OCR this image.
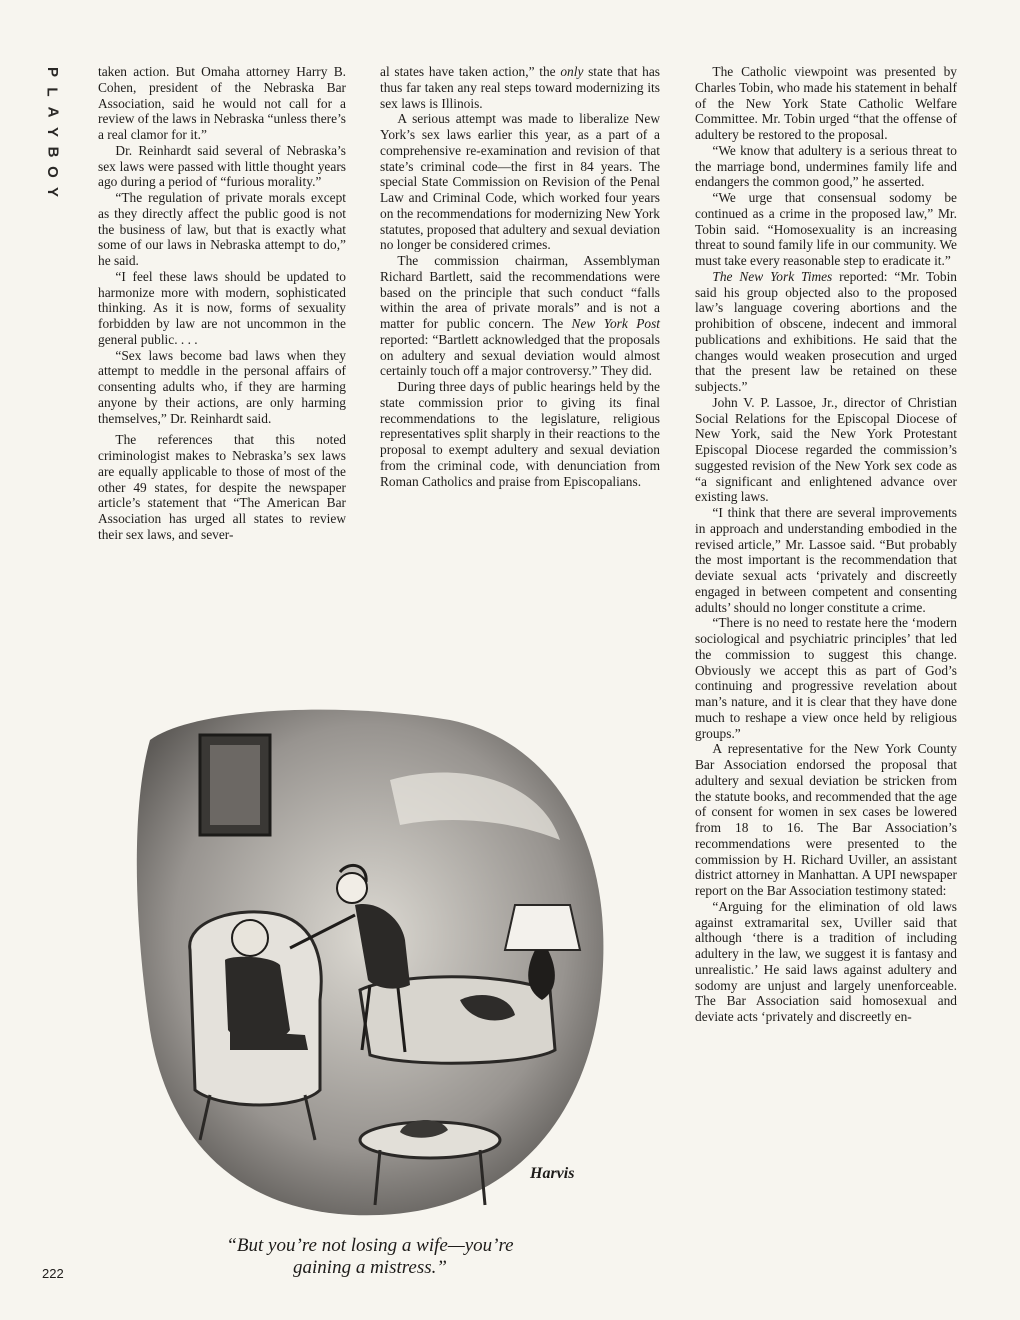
P
L
A
Y
B
O
Y

taken action. But Omaha attorney Harry B. Cohen, president of the Nebraska Bar Association, said he would not call for a review of the laws in Nebraska “unless there’s a real clamor for it.”

Dr. Reinhardt said several of Nebraska’s sex laws were passed with little thought years ago during a period of “furious morality.”

“The regulation of private morals except as they directly affect the public good is not the business of law, but that is exactly what some of our laws in Nebraska attempt to do,” he said.

“I feel these laws should be updated to harmonize more with modern, sophisticated thinking. As it is now, forms of sexuality forbidden by law are not uncommon in the general public. . . .

“Sex laws become bad laws when they attempt to meddle in the personal affairs of consenting adults who, if they are harming anyone by their actions, are only harming themselves,” Dr. Reinhardt said.

The references that this noted criminologist makes to Nebraska’s sex laws are equally applicable to those of most of the other 49 states, for despite the newspaper article’s statement that “The American Bar Association has urged all states to review their sex laws, and sever-

al states have taken action,” the only state that has thus far taken any real steps toward modernizing its sex laws is Illinois.

A serious attempt was made to liberalize New York’s sex laws earlier this year, as a part of a comprehensive re-examination and revision of that state’s criminal code—the first in 84 years. The special State Commission on Revision of the Penal Law and Criminal Code, which worked four years on the recommendations for modernizing New York statutes, proposed that adultery and sexual deviation no longer be considered crimes.

The commission chairman, Assemblyman Richard Bartlett, said the recommendations were based on the principle that such conduct “falls within the area of private morals” and is not a matter for public concern. The New York Post reported: “Bartlett acknowledged that the proposals on adultery and sexual deviation would almost certainly touch off a major controversy.” They did.

During three days of public hearings held by the state commission prior to giving its final recommendations to the legislature, religious representatives split sharply in their reactions to the proposal to exempt adultery and sexual deviation from the criminal code, with denunciation from Roman Catholics and praise from Episcopalians.

The Catholic viewpoint was presented by Charles Tobin, who made his statement in behalf of the New York State Catholic Welfare Committee. Mr. Tobin urged “that the offense of adultery be restored to the proposal.

“We know that adultery is a serious threat to the marriage bond, undermines family life and endangers the common good,” he asserted.

“We urge that consensual sodomy be continued as a crime in the proposed law,” Mr. Tobin said. “Homosexuality is an increasing threat to sound family life in our community. We must take every reasonable step to eradicate it.”

The New York Times reported: “Mr. Tobin said his group objected also to the proposed law’s language covering abortions and the prohibition of obscene, indecent and immoral publications and exhibitions. He said that the changes would weaken prosecution and urged that the present law be retained on these subjects.”

John V. P. Lassoe, Jr., director of Christian Social Relations for the Episcopal Diocese of New York, said the New York Protestant Episcopal Diocese regarded the commission’s suggested revision of the New York sex code as “a significant and enlightened advance over existing laws.

“I think that there are several improvements in approach and understanding embodied in the revised article,” Mr. Lassoe said. “But probably the most important is the recommendation that deviate sexual acts ‘privately and discreetly engaged in between competent and consenting adults’ should no longer constitute a crime.

“There is no need to restate here the ‘modern sociological and psychiatric principles’ that led the commission to suggest this change. Obviously we accept this as part of God’s continuing and progressive revelation about man’s nature, and it is clear that they have done much to reshape a view once held by religious groups.”

A representative for the New York County Bar Association endorsed the proposal that adultery and sexual deviation be stricken from the statute books, and recommended that the age of consent for women in sex cases be lowered from 18 to 16. The Bar Association’s recommendations were presented to the commission by H. Richard Uviller, an assistant district attorney in Manhattan. A UPI newspaper report on the Bar Association testimony stated:

“Arguing for the elimination of old laws against extramarital sex, Uviller said that although ‘there is a tradition of including adultery in the law, we suggest it is fantasy and unrealistic.’ He said laws against adultery and sodomy are unjust and largely unenforceable. The Bar Association said homosexual and deviate acts ‘privately and discreetly en-

Harvis
“But you’re not losing a wife—you’re
gaining a mistress.”
222
